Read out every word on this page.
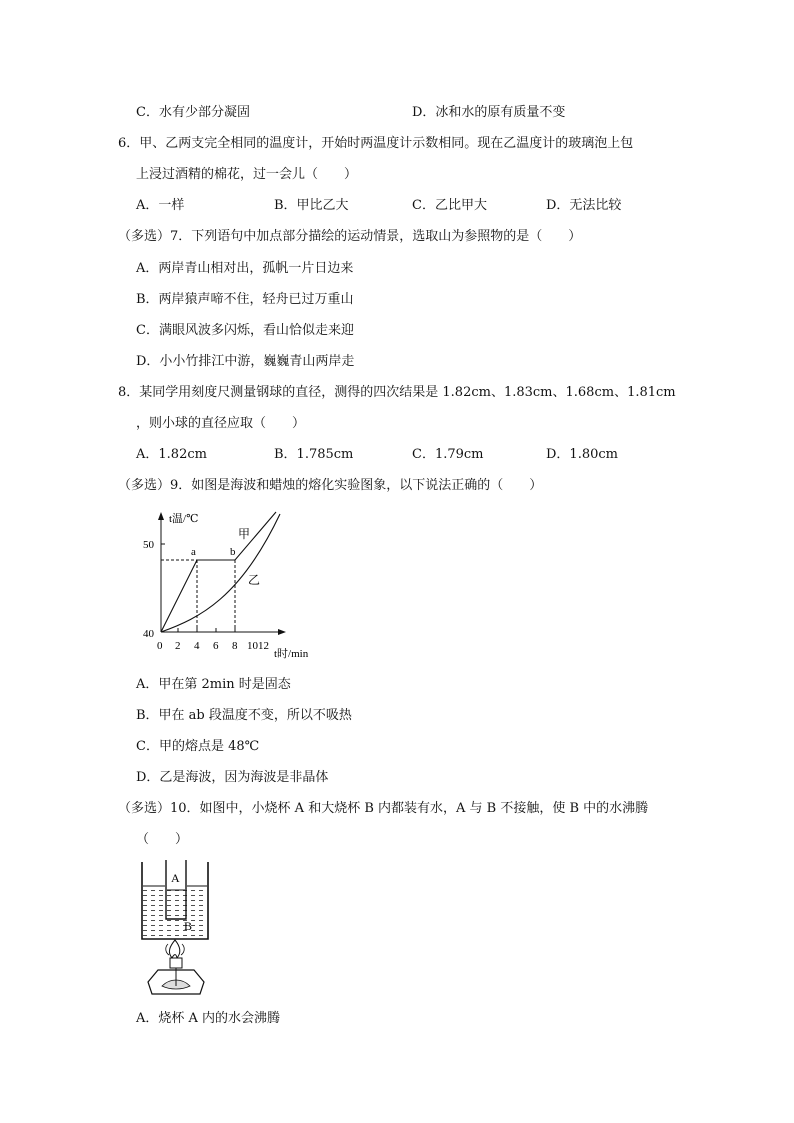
C．水有少部分凝固	D．冰和水的原有质量不变
6．甲、乙两支完全相同的温度计，开始时两温度计示数相同。现在乙温度计的玻璃泡上包
上浸过酒精的棉花，过一会儿（　　）
A．一样	B．甲比乙大	C．乙比甲大	D．无法比较
（多选）7．下列语句中加点部分描绘的运动情景，选取山为参照物的是（　　）
A．两岸青山相对出，孤帆一片日边来
B．两岸猿声啼不住，轻舟已过万重山
C．满眼风波多闪烁，看山恰似走来迎
D．小小竹排江中游，巍巍青山两岸走
8．某同学用刻度尺测量钢球的直径，测得的四次结果是 1.82cm、1.83cm、1.68cm、1.81cm
，则小球的直径应取（　　）
A．1.82cm	B．1.785cm	C．1.79cm	D．1.80cm
（多选）9．如图是海波和蜡烛的熔化实验图象，以下说法正确的（　　）
t温/℃
50
40
0 2 4 6 8 1012
t时/min
a	b
甲
乙
A．甲在第 2min 时是固态
B．甲在 ab 段温度不变，所以不吸热
C．甲的熔点是 48℃
D．乙是海波，因为海波是非晶体
（多选）10．如图中，小烧杯 A 和大烧杯 B 内都装有水，A 与 B 不接触，使 B 中的水沸腾
（　　）
A
B
A．烧杯 A 内的水会沸腾
